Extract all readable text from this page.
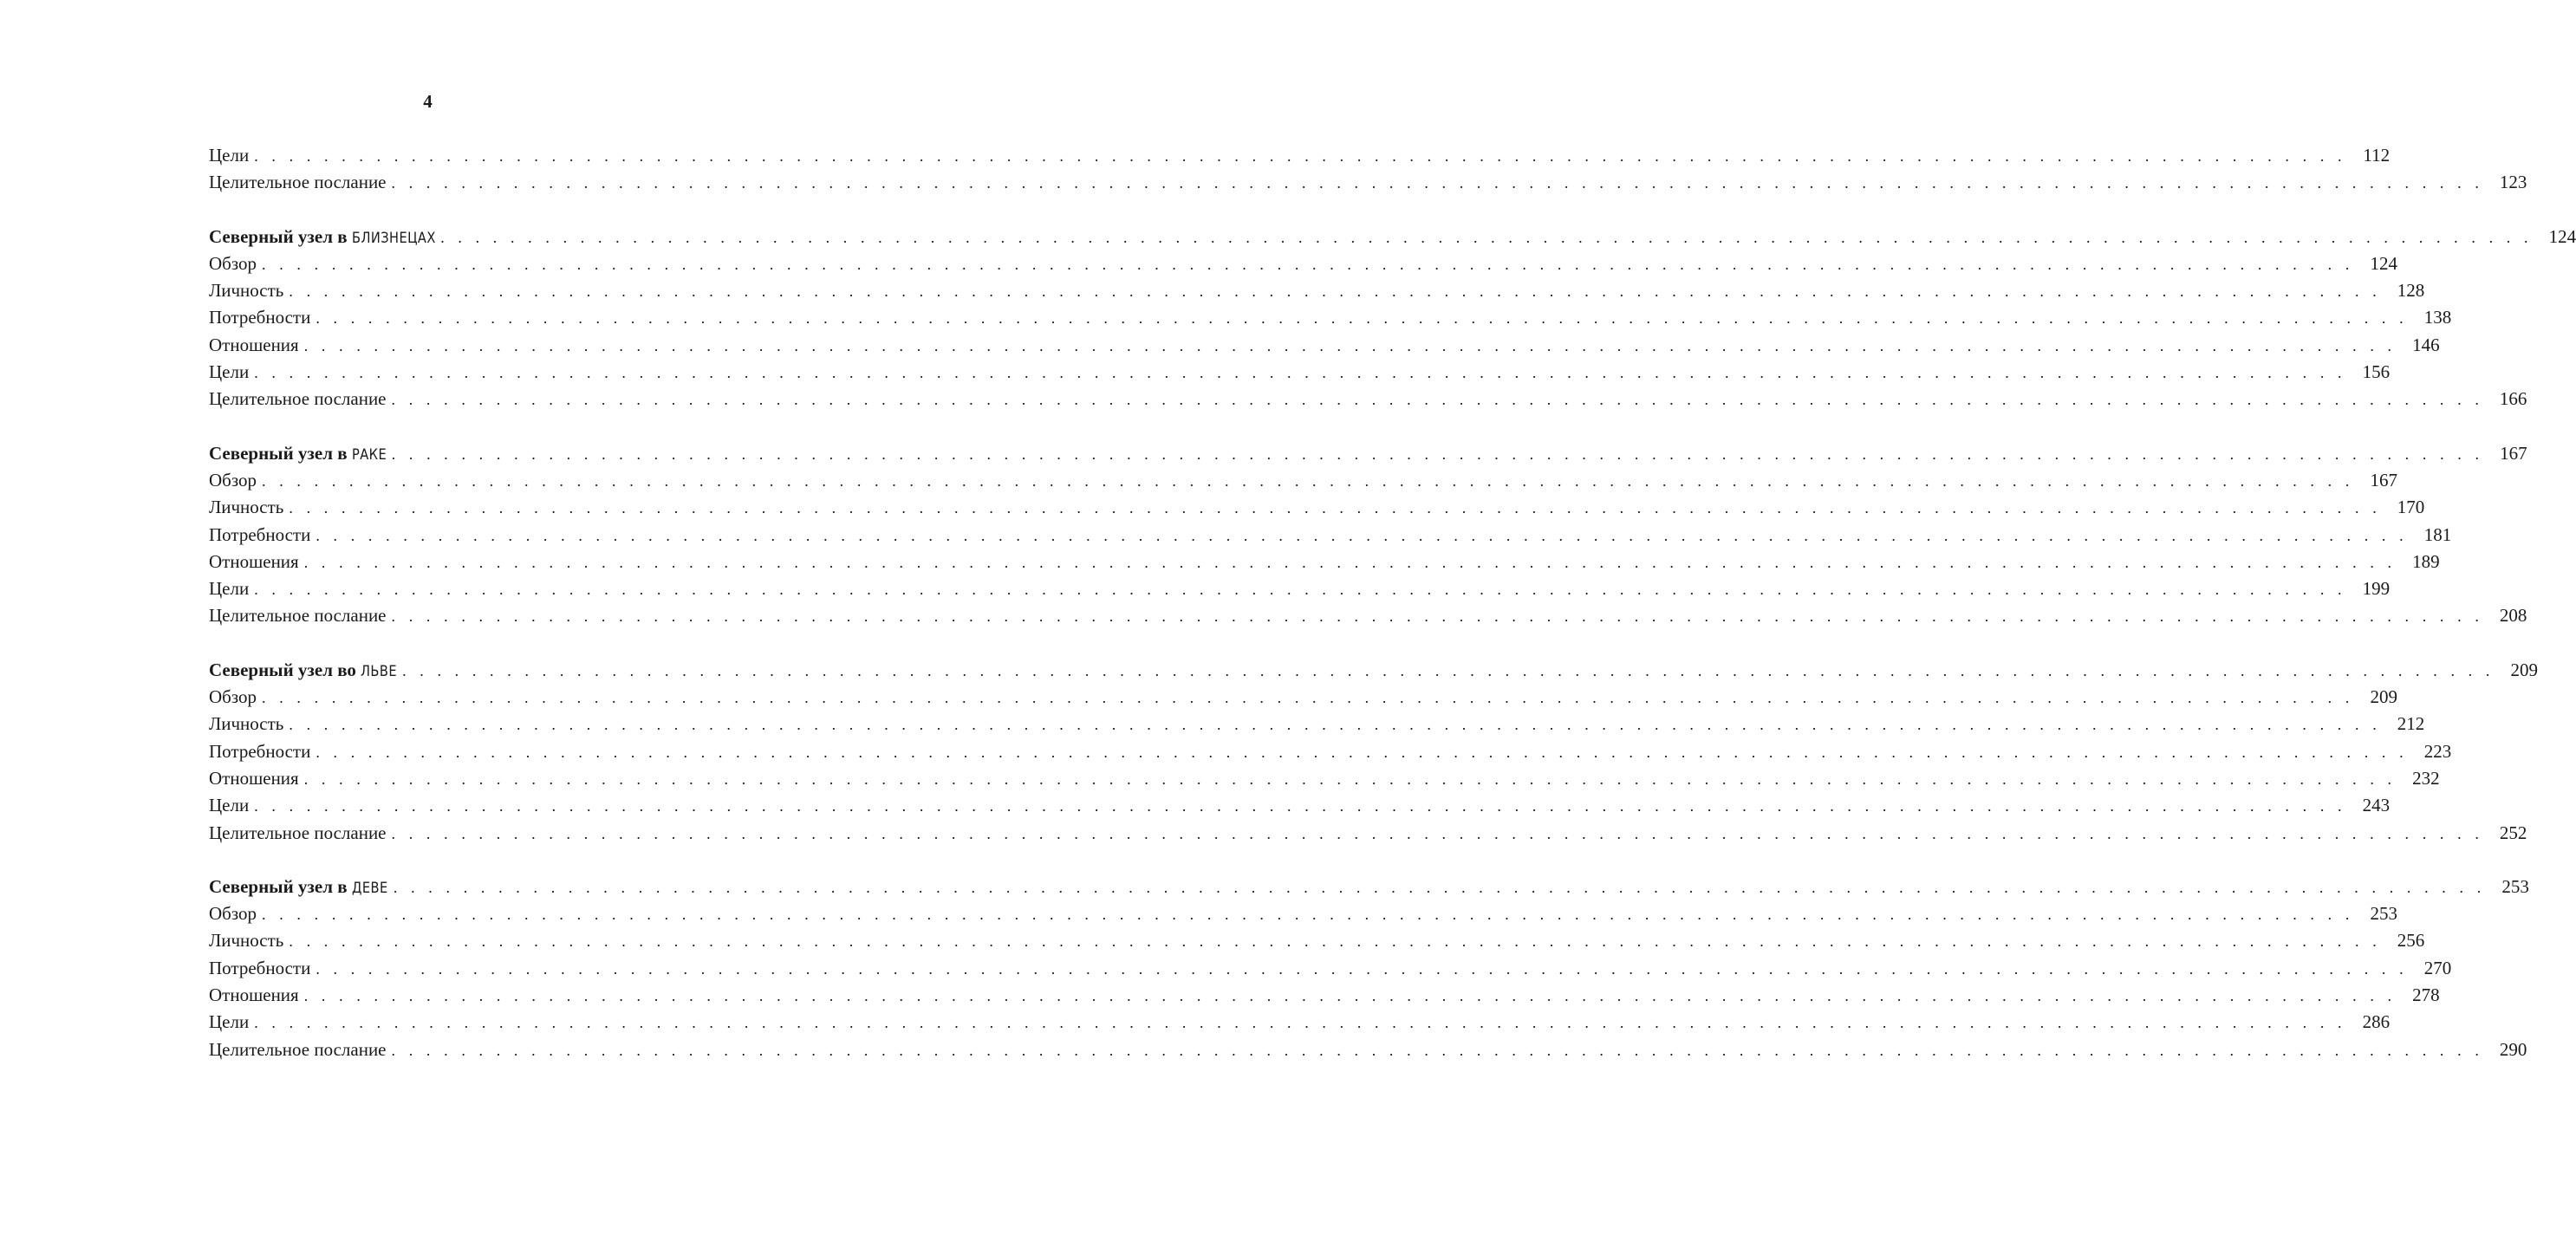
4
Цели . . . . . . . . . . . . . . . . . . . . . . . . . . . . . . . . . . . . . . . . . . . . . . . . . . . . . . . . . . . . . . . . . . . . . . . . . . . . . . . . . . . . . . . . . . . . . . . . . . . . . . . . . . . . . . . . . . . . . . . . 112
Целительное послание . . . . . . . . . . . . . . . . . . . . . . . . . . . . . . . . . . . . . . . . . . . . . . . . . . . . . . . . . . . . . . . . . . . . . . . . . . . . . . . . . . . . . . . . . . . . . . . . . . . . . . . . . . . . . . . . . . . . . . . . 123
Северный узел в БЛИЗНЕЦАХ . . . . . . . . . . . . . . . . . . . . . . . . . . . . . . . . . . . . . . . . . . . . . . . . . . . . . . . . . . . . . . . . . . . . . . . . . . . . . . . . . . . . . . . . . . . . . . . . . . . . . . . . . . . . . . . . . . . . . . . . 124
Обзор . . . . . . . . . . . . . . . . . . . . . . . . . . . . . . . . . . . . . . . . . . . . . . . . . . . . . . . . . . . . . . . . . . . . . . . . . . . . . . . . . . . . . . . . . . . . . . . . . . . . . . . . . . . . . . . . . . . . . . . . 124
Личность . . . . . . . . . . . . . . . . . . . . . . . . . . . . . . . . . . . . . . . . . . . . . . . . . . . . . . . . . . . . . . . . . . . . . . . . . . . . . . . . . . . . . . . . . . . . . . . . . . . . . . . . . . . . . . . . . . . . . . . . 128
Потребности . . . . . . . . . . . . . . . . . . . . . . . . . . . . . . . . . . . . . . . . . . . . . . . . . . . . . . . . . . . . . . . . . . . . . . . . . . . . . . . . . . . . . . . . . . . . . . . . . . . . . . . . . . . . . . . . . . . . . . . . 138
Отношения . . . . . . . . . . . . . . . . . . . . . . . . . . . . . . . . . . . . . . . . . . . . . . . . . . . . . . . . . . . . . . . . . . . . . . . . . . . . . . . . . . . . . . . . . . . . . . . . . . . . . . . . . . . . . . . . . . . . . . . . 146
Цели . . . . . . . . . . . . . . . . . . . . . . . . . . . . . . . . . . . . . . . . . . . . . . . . . . . . . . . . . . . . . . . . . . . . . . . . . . . . . . . . . . . . . . . . . . . . . . . . . . . . . . . . . . . . . . . . . . . . . . . . 156
Целительное послание . . . . . . . . . . . . . . . . . . . . . . . . . . . . . . . . . . . . . . . . . . . . . . . . . . . . . . . . . . . . . . . . . . . . . . . . . . . . . . . . . . . . . . . . . . . . . . . . . . . . . . . . . . . . . . . . . . . . . . . . 166
Северный узел в РАКЕ . . . . . . . . . . . . . . . . . . . . . . . . . . . . . . . . . . . . . . . . . . . . . . . . . . . . . . . . . . . . . . . . . . . . . . . . . . . . . . . . . . . . . . . . . . . . . . . . . . . . . . . . . . . . . . . . . . . . . . . . 167
Обзор . . . . . . . . . . . . . . . . . . . . . . . . . . . . . . . . . . . . . . . . . . . . . . . . . . . . . . . . . . . . . . . . . . . . . . . . . . . . . . . . . . . . . . . . . . . . . . . . . . . . . . . . . . . . . . . . . . . . . . . . 167
Личность . . . . . . . . . . . . . . . . . . . . . . . . . . . . . . . . . . . . . . . . . . . . . . . . . . . . . . . . . . . . . . . . . . . . . . . . . . . . . . . . . . . . . . . . . . . . . . . . . . . . . . . . . . . . . . . . . . . . . . . . 170
Потребности . . . . . . . . . . . . . . . . . . . . . . . . . . . . . . . . . . . . . . . . . . . . . . . . . . . . . . . . . . . . . . . . . . . . . . . . . . . . . . . . . . . . . . . . . . . . . . . . . . . . . . . . . . . . . . . . . . . . . . . . 181
Отношения . . . . . . . . . . . . . . . . . . . . . . . . . . . . . . . . . . . . . . . . . . . . . . . . . . . . . . . . . . . . . . . . . . . . . . . . . . . . . . . . . . . . . . . . . . . . . . . . . . . . . . . . . . . . . . . . . . . . . . . . 189
Цели . . . . . . . . . . . . . . . . . . . . . . . . . . . . . . . . . . . . . . . . . . . . . . . . . . . . . . . . . . . . . . . . . . . . . . . . . . . . . . . . . . . . . . . . . . . . . . . . . . . . . . . . . . . . . . . . . . . . . . . . 199
Целительное послание . . . . . . . . . . . . . . . . . . . . . . . . . . . . . . . . . . . . . . . . . . . . . . . . . . . . . . . . . . . . . . . . . . . . . . . . . . . . . . . . . . . . . . . . . . . . . . . . . . . . . . . . . . . . . . . . . . . . . . . . 208
Северный узел во ЛЬВЕ . . . . . . . . . . . . . . . . . . . . . . . . . . . . . . . . . . . . . . . . . . . . . . . . . . . . . . . . . . . . . . . . . . . . . . . . . . . . . . . . . . . . . . . . . . . . . . . . . . . . . . . . . . . . . . . . . . . . . . . . 209
Обзор . . . . . . . . . . . . . . . . . . . . . . . . . . . . . . . . . . . . . . . . . . . . . . . . . . . . . . . . . . . . . . . . . . . . . . . . . . . . . . . . . . . . . . . . . . . . . . . . . . . . . . . . . . . . . . . . . . . . . . . . 209
Личность . . . . . . . . . . . . . . . . . . . . . . . . . . . . . . . . . . . . . . . . . . . . . . . . . . . . . . . . . . . . . . . . . . . . . . . . . . . . . . . . . . . . . . . . . . . . . . . . . . . . . . . . . . . . . . . . . . . . . . . . 212
Потребности . . . . . . . . . . . . . . . . . . . . . . . . . . . . . . . . . . . . . . . . . . . . . . . . . . . . . . . . . . . . . . . . . . . . . . . . . . . . . . . . . . . . . . . . . . . . . . . . . . . . . . . . . . . . . . . . . . . . . . . . 223
Отношения . . . . . . . . . . . . . . . . . . . . . . . . . . . . . . . . . . . . . . . . . . . . . . . . . . . . . . . . . . . . . . . . . . . . . . . . . . . . . . . . . . . . . . . . . . . . . . . . . . . . . . . . . . . . . . . . . . . . . . . . 232
Цели . . . . . . . . . . . . . . . . . . . . . . . . . . . . . . . . . . . . . . . . . . . . . . . . . . . . . . . . . . . . . . . . . . . . . . . . . . . . . . . . . . . . . . . . . . . . . . . . . . . . . . . . . . . . . . . . . . . . . . . . 243
Целительное послание . . . . . . . . . . . . . . . . . . . . . . . . . . . . . . . . . . . . . . . . . . . . . . . . . . . . . . . . . . . . . . . . . . . . . . . . . . . . . . . . . . . . . . . . . . . . . . . . . . . . . . . . . . . . . . . . . . . . . . . . 252
Северный узел в ДЕВЕ . . . . . . . . . . . . . . . . . . . . . . . . . . . . . . . . . . . . . . . . . . . . . . . . . . . . . . . . . . . . . . . . . . . . . . . . . . . . . . . . . . . . . . . . . . . . . . . . . . . . . . . . . . . . . . . . . . . . . . . . 253
Обзор . . . . . . . . . . . . . . . . . . . . . . . . . . . . . . . . . . . . . . . . . . . . . . . . . . . . . . . . . . . . . . . . . . . . . . . . . . . . . . . . . . . . . . . . . . . . . . . . . . . . . . . . . . . . . . . . . . . . . . . . 253
Личность . . . . . . . . . . . . . . . . . . . . . . . . . . . . . . . . . . . . . . . . . . . . . . . . . . . . . . . . . . . . . . . . . . . . . . . . . . . . . . . . . . . . . . . . . . . . . . . . . . . . . . . . . . . . . . . . . . . . . . . . 256
Потребности . . . . . . . . . . . . . . . . . . . . . . . . . . . . . . . . . . . . . . . . . . . . . . . . . . . . . . . . . . . . . . . . . . . . . . . . . . . . . . . . . . . . . . . . . . . . . . . . . . . . . . . . . . . . . . . . . . . . . . . . 270
Отношения . . . . . . . . . . . . . . . . . . . . . . . . . . . . . . . . . . . . . . . . . . . . . . . . . . . . . . . . . . . . . . . . . . . . . . . . . . . . . . . . . . . . . . . . . . . . . . . . . . . . . . . . . . . . . . . . . . . . . . . . 278
Цели . . . . . . . . . . . . . . . . . . . . . . . . . . . . . . . . . . . . . . . . . . . . . . . . . . . . . . . . . . . . . . . . . . . . . . . . . . . . . . . . . . . . . . . . . . . . . . . . . . . . . . . . . . . . . . . . . . . . . . . . 286
Целительное послание . . . . . . . . . . . . . . . . . . . . . . . . . . . . . . . . . . . . . . . . . . . . . . . . . . . . . . . . . . . . . . . . . . . . . . . . . . . . . . . . . . . . . . . . . . . . . . . . . . . . . . . . . . . . . . . . . . . . . . . . 290
